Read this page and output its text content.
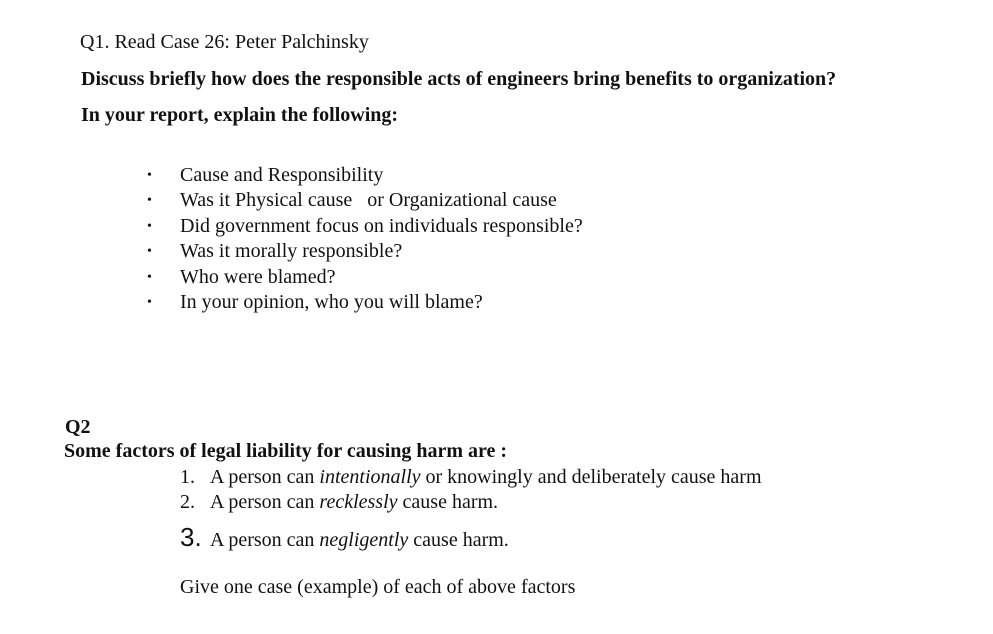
Q1. Read Case 26: Peter Palchinsky
Discuss briefly how does the responsible acts of engineers bring benefits to organization?
In your report, explain the following:
• Cause and Responsibility
• Was it Physical cause   or Organizational cause
• Did government focus on individuals responsible?
• Was it morally responsible?
• Who were blamed?
• In your opinion, who you will blame?
Q2
Some factors of legal liability for causing harm are :
1. A person can intentionally or knowingly and deliberately cause harm
2. A person can recklessly cause harm.
3. A person can negligently cause harm.
Give one case (example) of each of above factors
